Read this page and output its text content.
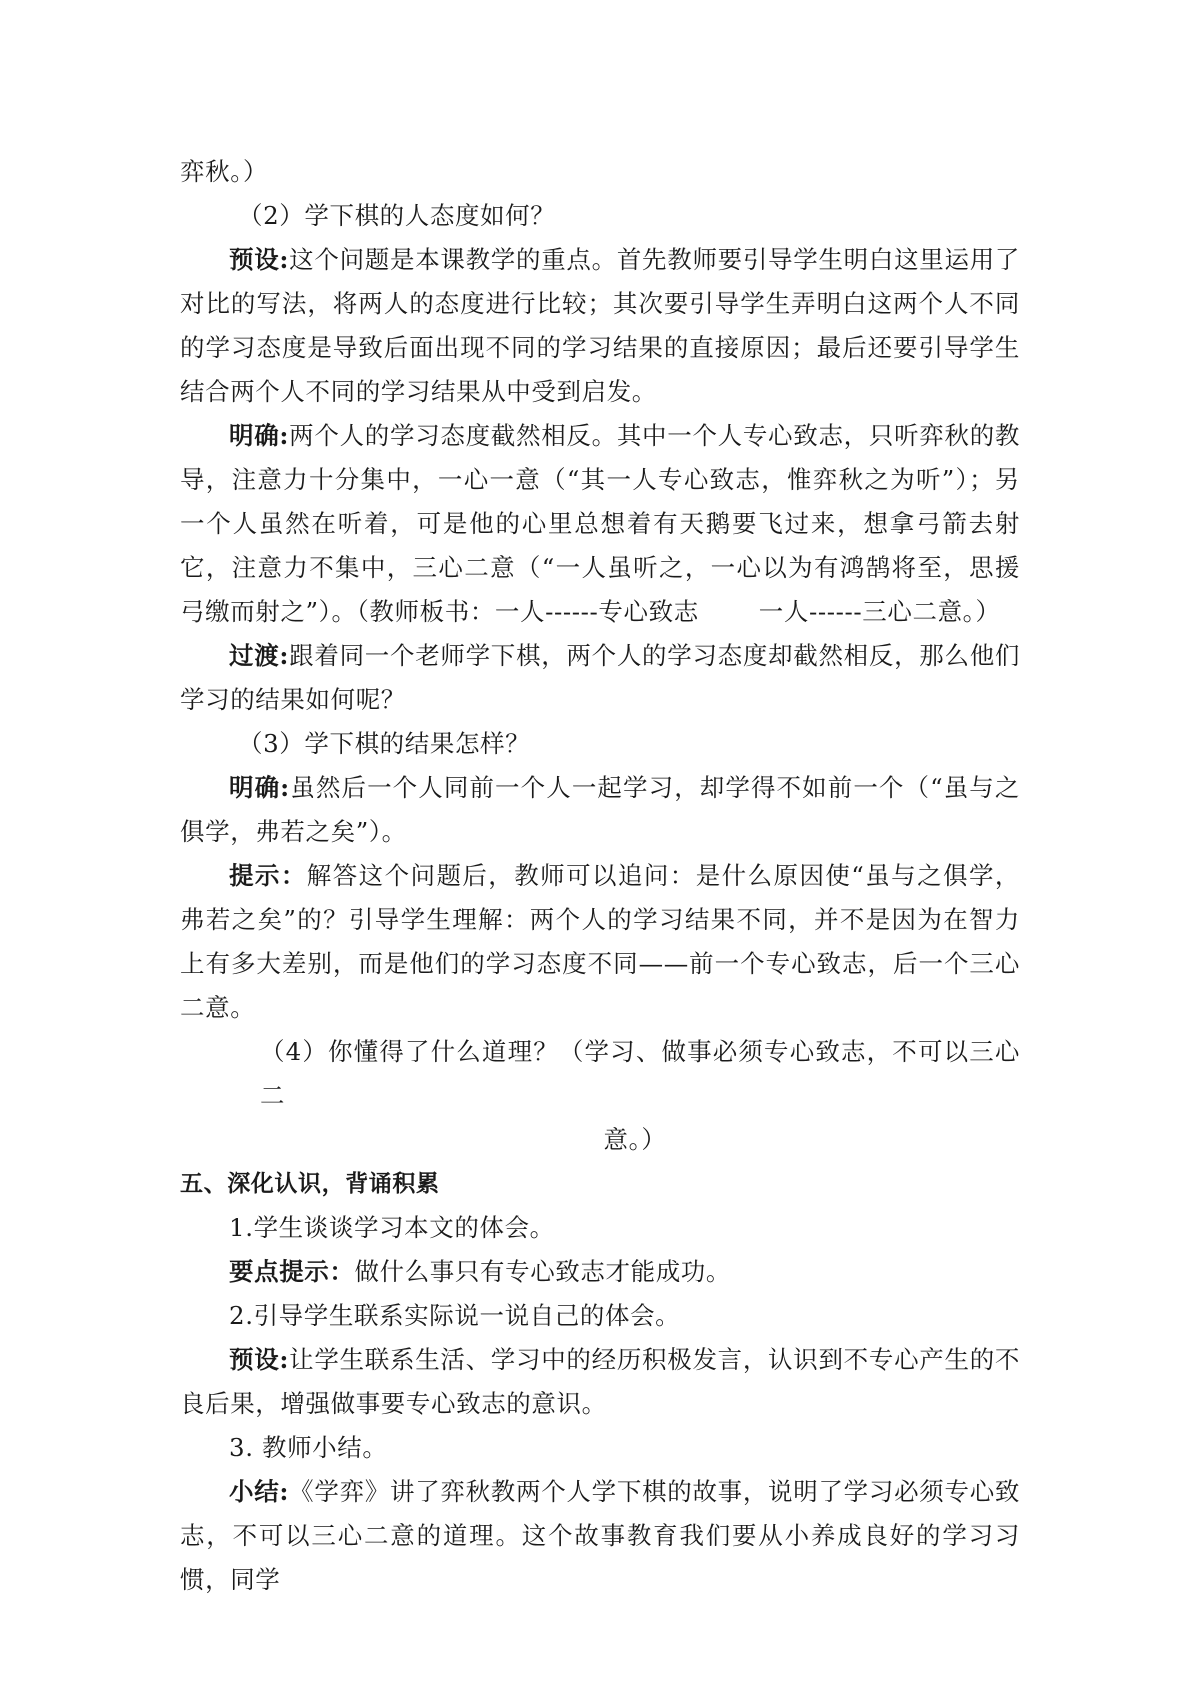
弈秋。）

（2）学下棋的人态度如何？

预设:这个问题是本课教学的重点。首先教师要引导学生明白这里运用了对比的写法，将两人的态度进行比较；其次要引导学生弄明白这两个人不同的学习态度是导致后面出现不同的学习结果的直接原因；最后还要引导学生结合两个人不同的学习结果从中受到启发。

明确:两个人的学习态度截然相反。其中一个人专心致志，只听弈秋的教导，注意力十分集中，一心一意（“其一人专心致志，惟弈秋之为听”）；另一个人虽然在听着，可是他的心里总想着有天鹅要飞过来，想拿弓箭去射它，注意力不集中，三心二意（“一人虽听之，一心以为有鸿鹄将至，思援弓缴而射之”）。（教师板书：一人------专心致志 一人------三心二意。）

过渡:跟着同一个老师学下棋，两个人的学习态度却截然相反，那么他们学习的结果如何呢？

（3）学下棋的结果怎样？

明确:虽然后一个人同前一个人一起学习，却学得不如前一个（“虽与之俱学，弗若之矣”）。

提示：解答这个问题后，教师可以追问：是什么原因使“虽与之俱学，弗若之矣”的？引导学生理解：两个人的学习结果不同，并不是因为在智力上有多大差别，而是他们的学习态度不同——前一个专心致志，后一个三心二意。

（4）你懂得了什么道理？（学习、做事必须专心致志，不可以三心二

意。）

五、深化认识，背诵积累

1.学生谈谈学习本文的体会。

要点提示：做什么事只有专心致志才能成功。

2.引导学生联系实际说一说自己的体会。

预设:让学生联系生活、学习中的经历积极发言，认识到不专心产生的不良后果，增强做事要专心致志的意识。

3. 教师小结。

小结:《学弈》讲了弈秋教两个人学下棋的故事，说明了学习必须专心致志，不可以三心二意的道理。这个故事教育我们要从小养成良好的学习习惯，同学
